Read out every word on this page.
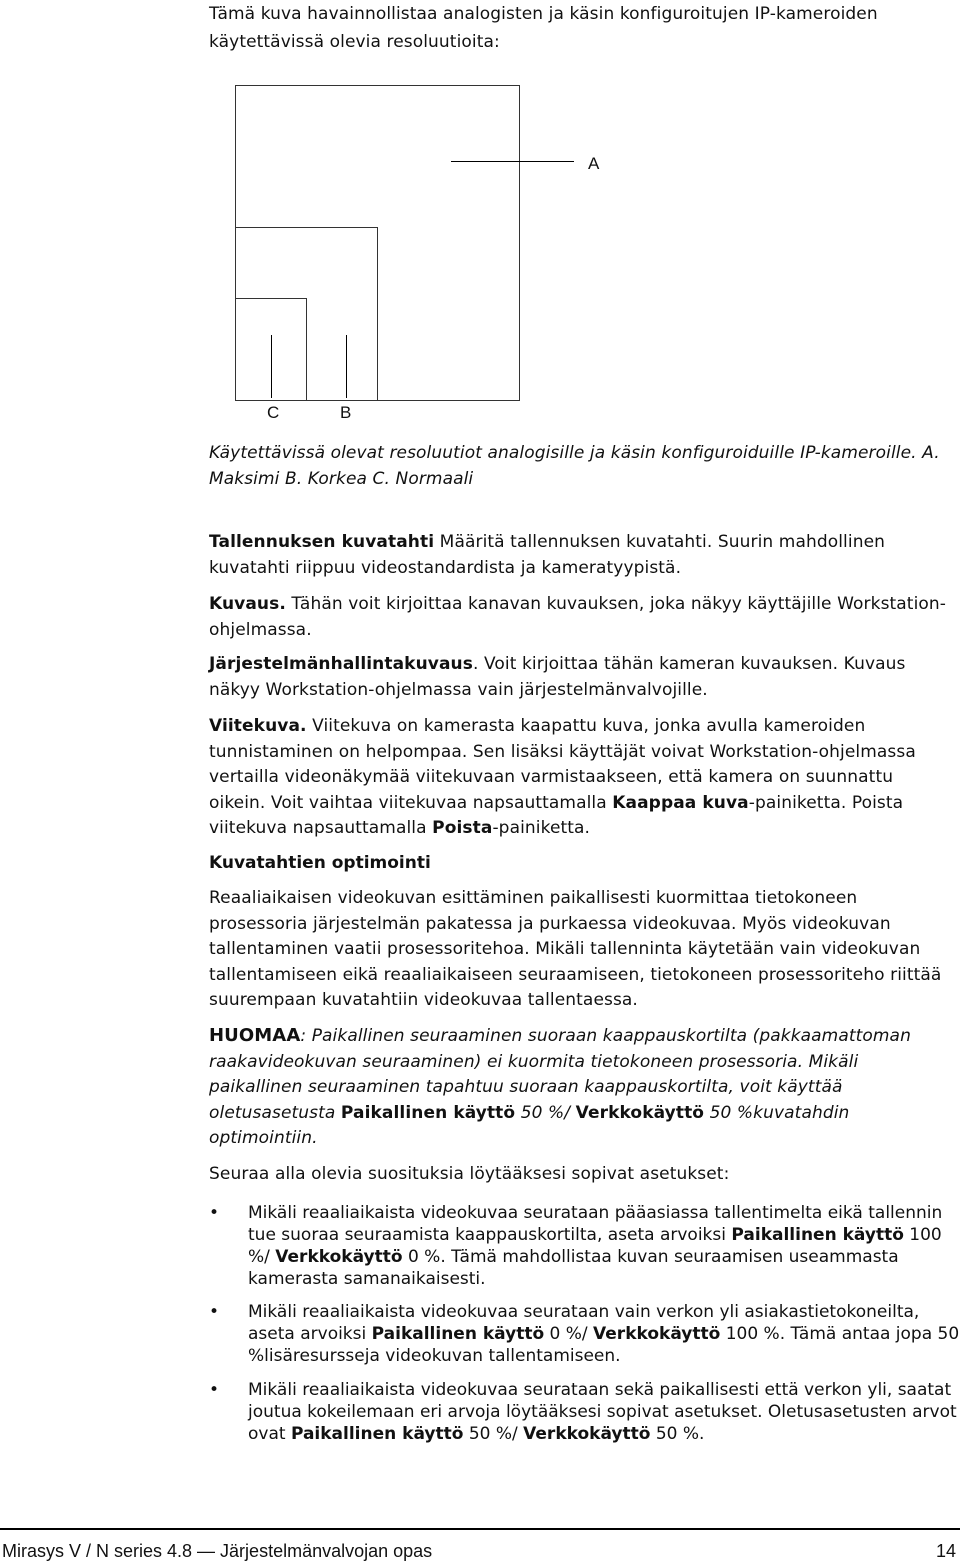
Tämä kuva havainnollistaa analogisten ja käsin konfiguroitujen IP-kameroiden käytettävissä olevia resoluutioita:

A
C	B

Käytettävissä olevat resoluutiot analogisille ja käsin konfiguroiduille IP-kameroille. A. Maksimi B. Korkea C. Normaali

Tallennuksen kuvatahti Määritä tallennuksen kuvatahti. Suurin mahdollinen kuvatahti riippuu videostandardista ja kameratyypistä.

Kuvaus. Tähän voit kirjoittaa kanavan kuvauksen, joka näkyy käyttäjille Workstation-ohjelmassa.

Järjestelmänhallintakuvaus. Voit kirjoittaa tähän kameran kuvauksen. Kuvaus näkyy Workstation-ohjelmassa vain järjestelmänvalvojille.

Viitekuva. Viitekuva on kamerasta kaapattu kuva, jonka avulla kameroiden tunnistaminen on helpompaa. Sen lisäksi käyttäjät voivat Workstation-ohjelmassa vertailla videonäkymää viitekuvaan varmistaakseen, että kamera on suunnattu oikein. Voit vaihtaa viitekuvaa napsauttamalla Kaappaa kuva-painiketta. Poista viitekuva napsauttamalla Poista-painiketta.

Kuvatahtien optimointi

Reaaliaikaisen videokuvan esittäminen paikallisesti kuormittaa tietokoneen prosessoria järjestelmän pakatessa ja purkaessa videokuvaa. Myös videokuvan tallentaminen vaatii prosessoritehoa. Mikäli tallenninta käytetään vain videokuvan tallentamiseen eikä reaaliaikaiseen seuraamiseen, tietokoneen prosessoriteho riittää suurempaan kuvatahtiin videokuvaa tallentaessa.

HUOMAA: Paikallinen seuraaminen suoraan kaappauskortilta (pakkaamattoman raakavideokuvan seuraaminen) ei kuormita tietokoneen prosessoria. Mikäli paikallinen seuraaminen tapahtuu suoraan kaappauskortilta, voit käyttää oletusasetusta Paikallinen käyttö 50 %/ Verkkokäyttö 50 %kuvatahdin optimointiin.

Seuraa alla olevia suosituksia löytääksesi sopivat asetukset:

• Mikäli reaaliaikaista videokuvaa seurataan pääasiassa tallentimelta eikä tallennin tue suoraa seuraamista kaappauskortilta, aseta arvoiksi Paikallinen käyttö 100 %/ Verkkokäyttö 0 %. Tämä mahdollistaa kuvan seuraamisen useammasta kamerasta samanaikaisesti.
• Mikäli reaaliaikaista videokuvaa seurataan vain verkon yli asiakastietokoneilta, aseta arvoiksi Paikallinen käyttö 0 %/ Verkkokäyttö 100 %. Tämä antaa jopa 50 %lisäresursseja videokuvan tallentamiseen.
• Mikäli reaaliaikaista videokuvaa seurataan sekä paikallisesti että verkon yli, saatat joutua kokeilemaan eri arvoja löytääksesi sopivat asetukset. Oletusasetusten arvot ovat Paikallinen käyttö 50 %/ Verkkokäyttö 50 %.
Mirasys V / N series 4.8 — Järjestelmänvalvojan opas	14
